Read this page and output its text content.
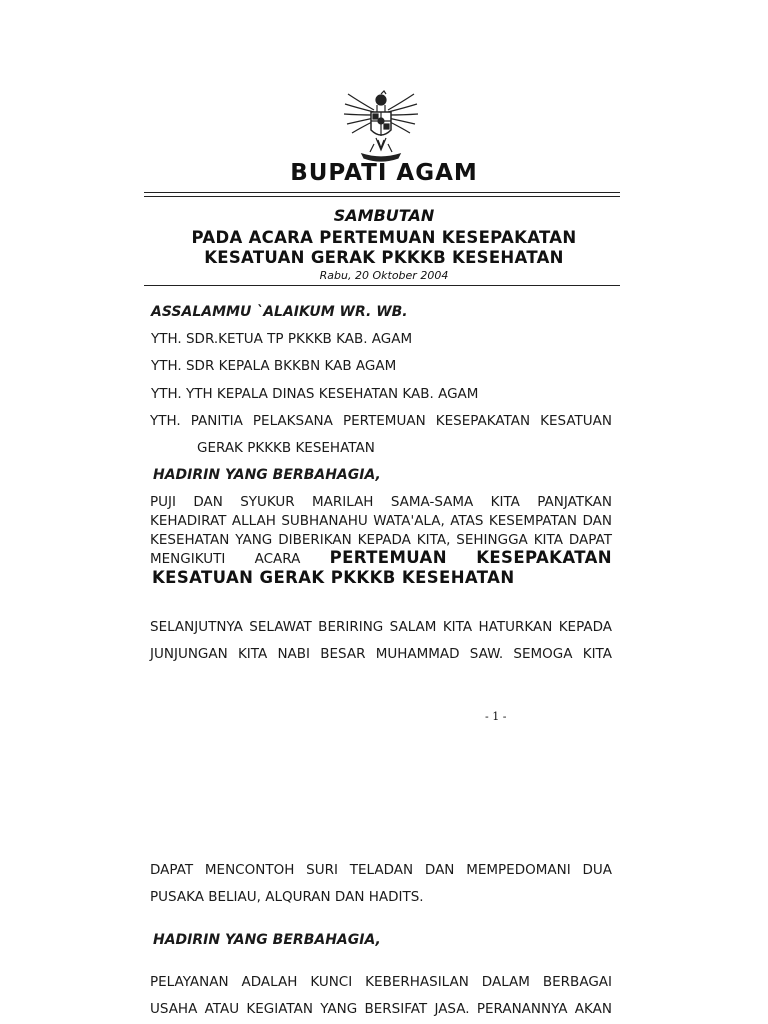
BUPATI AGAM
SAMBUTAN
PADA ACARA PERTEMUAN KESEPAKATAN
KESATUAN GERAK PKKKB KESEHATAN
Rabu, 20 Oktober 2004
ASSALAMMU `ALAIKUM WR. WB.
YTH. SDR.KETUA TP PKKKB KAB. AGAM
YTH. SDR KEPALA BKKBN KAB AGAM
YTH. YTH KEPALA DINAS KESEHATAN KAB. AGAM
YTH. PANITIA PELAKSANA PERTEMUAN KESEPAKATAN KESATUAN
GERAK PKKKB KESEHATAN
HADIRIN YANG BERBAHAGIA,
PUJI DAN SYUKUR MARILAH SAMA-SAMA KITA PANJATKAN
KEHADIRAT ALLAH SUBHANAHU WATA'ALA, ATAS KESEMPATAN DAN
KESEHATAN YANG DIBERIKAN KEPADA KITA, SEHINGGA KITA DAPAT
MENGIKUTI ACARA PERTEMUAN KESEPAKATAN
KESATUAN GERAK PKKKB KESEHATAN
SELANJUTNYA SELAWAT BERIRING SALAM KITA HATURKAN KEPADA
JUNJUNGAN KITA NABI BESAR MUHAMMAD SAW. SEMOGA KITA
- 1 -
DAPAT MENCONTOH SURI TELADAN DAN MEMPEDOMANI DUA
PUSAKA BELIAU, ALQURAN DAN HADITS.
HADIRIN YANG BERBAHAGIA,
PELAYANAN ADALAH KUNCI KEBERHASILAN DALAM BERBAGAI
USAHA ATAU KEGIATAN YANG BERSIFAT JASA. PERANANNYA AKAN
